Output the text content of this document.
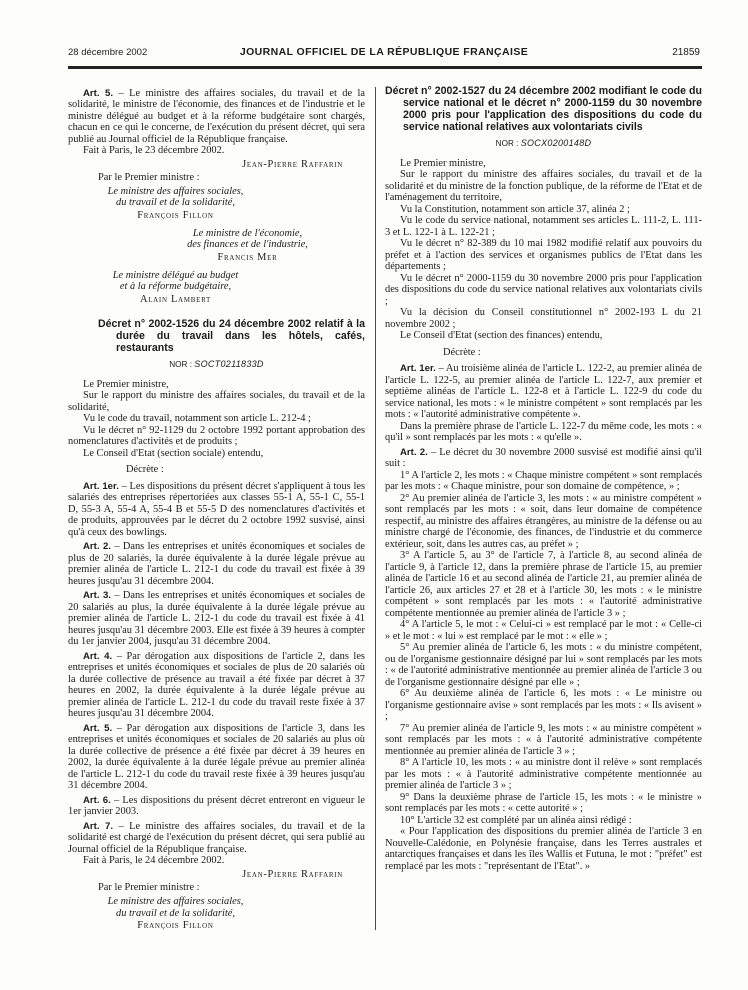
28 décembre 2002	JOURNAL OFFICIEL DE LA RÉPUBLIQUE FRANÇAISE	21859

Art. 5. – Le ministre des affaires sociales, du travail et de la solidarité, le ministre de l'économie, des finances et de l'industrie et le ministre délégué au budget et à la réforme budgétaire sont chargés, chacun en ce qui le concerne, de l'exécution du présent décret, qui sera publié au Journal officiel de la République française.

Fait à Paris, le 23 décembre 2002.

Jean-Pierre Raffarin

Par le Premier ministre :

Le ministre des affaires sociales,
du travail et de la solidarité,
François Fillon
Le ministre de l'économie,
des finances et de l'industrie,
Francis Mer
Le ministre délégué au budget
et à la réforme budgétaire,
Alain Lambert

Décret n° 2002-1526 du 24 décembre 2002 relatif à la durée du travail dans les hôtels, cafés, restaurants

NOR : SOCT0211833D

Le Premier ministre,

Sur le rapport du ministre des affaires sociales, du travail et de la solidarité,

Vu le code du travail, notamment son article L. 212-4 ;

Vu le décret n° 92-1129 du 2 octobre 1992 portant approbation des nomenclatures d'activités et de produits ;

Le Conseil d'Etat (section sociale) entendu,

Décrète :

Art. 1er. – Les dispositions du présent décret s'appliquent à tous les salariés des entreprises répertoriées aux classes 55-1 A, 55-1 C, 55-1 D, 55-3 A, 55-4 A, 55-4 B et 55-5 D des nomenclatures d'activités et de produits, approuvées par le décret du 2 octobre 1992 susvisé, ainsi qu'à ceux des bowlings.

Art. 2. – Dans les entreprises et unités économiques et sociales de plus de 20 salariés, la durée équivalente à la durée légale prévue au premier alinéa de l'article L. 212-1 du code du travail est fixée à 39 heures jusqu'au 31 décembre 2004.

Art. 3. – Dans les entreprises et unités économiques et sociales de 20 salariés au plus, la durée équivalente à la durée légale prévue au premier alinéa de l'article L. 212-1 du code du travail est fixée à 41 heures jusqu'au 31 décembre 2003. Elle est fixée à 39 heures à compter du 1er janvier 2004, jusqu'au 31 décembre 2004.

Art. 4. – Par dérogation aux dispositions de l'article 2, dans les entreprises et unités économiques et sociales de plus de 20 salariés où la durée collective de présence au travail a été fixée par décret à 37 heures en 2002, la durée équivalente à la durée légale prévue au premier alinéa de l'article L. 212-1 du code du travail reste fixée à 37 heures jusqu'au 31 décembre 2004.

Art. 5. – Par dérogation aux dispositions de l'article 3, dans les entreprises et unités économiques et sociales de 20 salariés au plus où la durée collective de présence a été fixée par décret à 39 heures en 2002, la durée équivalente à la durée légale prévue au premier alinéa de l'article L. 212-1 du code du travail reste fixée à 39 heures jusqu'au 31 décembre 2004.

Art. 6. – Les dispositions du présent décret entreront en vigueur le 1er janvier 2003.

Art. 7. – Le ministre des affaires sociales, du travail et de la solidarité est chargé de l'exécution du présent décret, qui sera publié au Journal officiel de la République française.

Fait à Paris, le 24 décembre 2002.

Jean-Pierre Raffarin

Par le Premier ministre :

Le ministre des affaires sociales,
du travail et de la solidarité,
François Fillon

Décret n° 2002-1527 du 24 décembre 2002 modifiant le code du service national et le décret n° 2000-1159 du 30 novembre 2000 pris pour l'application des dispositions du code du service national relatives aux volontariats civils

NOR : SOCX0200148D

Le Premier ministre,

Sur le rapport du ministre des affaires sociales, du travail et de la solidarité et du ministre de la fonction publique, de la réforme de l'Etat et de l'aménagement du territoire,

Vu la Constitution, notamment son article 37, alinéa 2 ;

Vu le code du service national, notamment ses articles L. 111-2, L. 111-3 et L. 122-1 à L. 122-21 ;

Vu le décret n° 82-389 du 10 mai 1982 modifié relatif aux pouvoirs du préfet et à l'action des services et organismes publics de l'Etat dans les départements ;

Vu le décret n° 2000-1159 du 30 novembre 2000 pris pour l'application des dispositions du code du service national relatives aux volontariats civils ;

Vu la décision du Conseil constitutionnel n° 2002-193 L du 21 novembre 2002 ;

Le Conseil d'Etat (section des finances) entendu,

Décrète :

Art. 1er. – Au troisième alinéa de l'article L. 122-2, au premier alinéa de l'article L. 122-5, au premier alinéa de l'article L. 122-7, aux premier et septième alinéas de l'article L. 122-8 et à l'article L. 122-9 du code du service national, les mots : « le ministre compétent » sont remplacés par les mots : « l'autorité administrative compétente ».

Dans la première phrase de l'article L. 122-7 du même code, les mots : « qu'il » sont remplacés par les mots : « qu'elle ».

Art. 2. – Le décret du 30 novembre 2000 susvisé est modifié ainsi qu'il suit :

1° A l'article 2, les mots : « Chaque ministre compétent » sont remplacés par les mots : « Chaque ministre, pour son domaine de compétence, » ;

2° Au premier alinéa de l'article 3, les mots : « au ministre compétent » sont remplacés par les mots : « soit, dans leur domaine de compétence respectif, au ministre des affaires étrangères, au ministre de la défense ou au ministre chargé de l'économie, des finances, de l'industrie et du commerce extérieur, soit, dans les autres cas, au préfet » ;

3° A l'article 5, au 3° de l'article 7, à l'article 8, au second alinéa de l'article 9, à l'article 12, dans la première phrase de l'article 15, au premier alinéa de l'article 16 et au second alinéa de l'article 21, au premier alinéa de l'article 26, aux articles 27 et 28 et à l'article 30, les mots : « le ministre compétent » sont remplacés par les mots : « l'autorité administrative compétente mentionnée au premier alinéa de l'article 3 » ;

4° A l'article 5, le mot : « Celui-ci » est remplacé par le mot : « Celle-ci » et le mot : « lui » est remplacé par le mot : « elle » ;

5° Au premier alinéa de l'article 6, les mots : « du ministre compétent, ou de l'organisme gestionnaire désigné par lui » sont remplacés par les mots : « de l'autorité administrative mentionnée au premier alinéa de l'article 3 ou de l'organisme gestionnaire désigné par elle » ;

6° Au deuxième alinéa de l'article 6, les mots : « Le ministre ou l'organisme gestionnaire avise » sont remplacés par les mots : « Ils avisent » ;

7° Au premier alinéa de l'article 9, les mots : « au ministre compétent » sont remplacés par les mots : « à l'autorité administrative compétente mentionnée au premier alinéa de l'article 3 » ;

8° A l'article 10, les mots : « au ministre dont il relève » sont remplacés par les mots : « à l'autorité administrative compétente mentionnée au premier alinéa de l'article 3 » ;

9° Dans la deuxième phrase de l'article 15, les mots : « le ministre » sont remplacés par les mots : « cette autorité » ;

10° L'article 32 est complété par un alinéa ainsi rédigé :

« Pour l'application des dispositions du premier alinéa de l'article 3 en Nouvelle-Calédonie, en Polynésie française, dans les Terres australes et antarctiques françaises et dans les îles Wallis et Futuna, le mot : "préfet" est remplacé par les mots : "représentant de l'Etat". »
